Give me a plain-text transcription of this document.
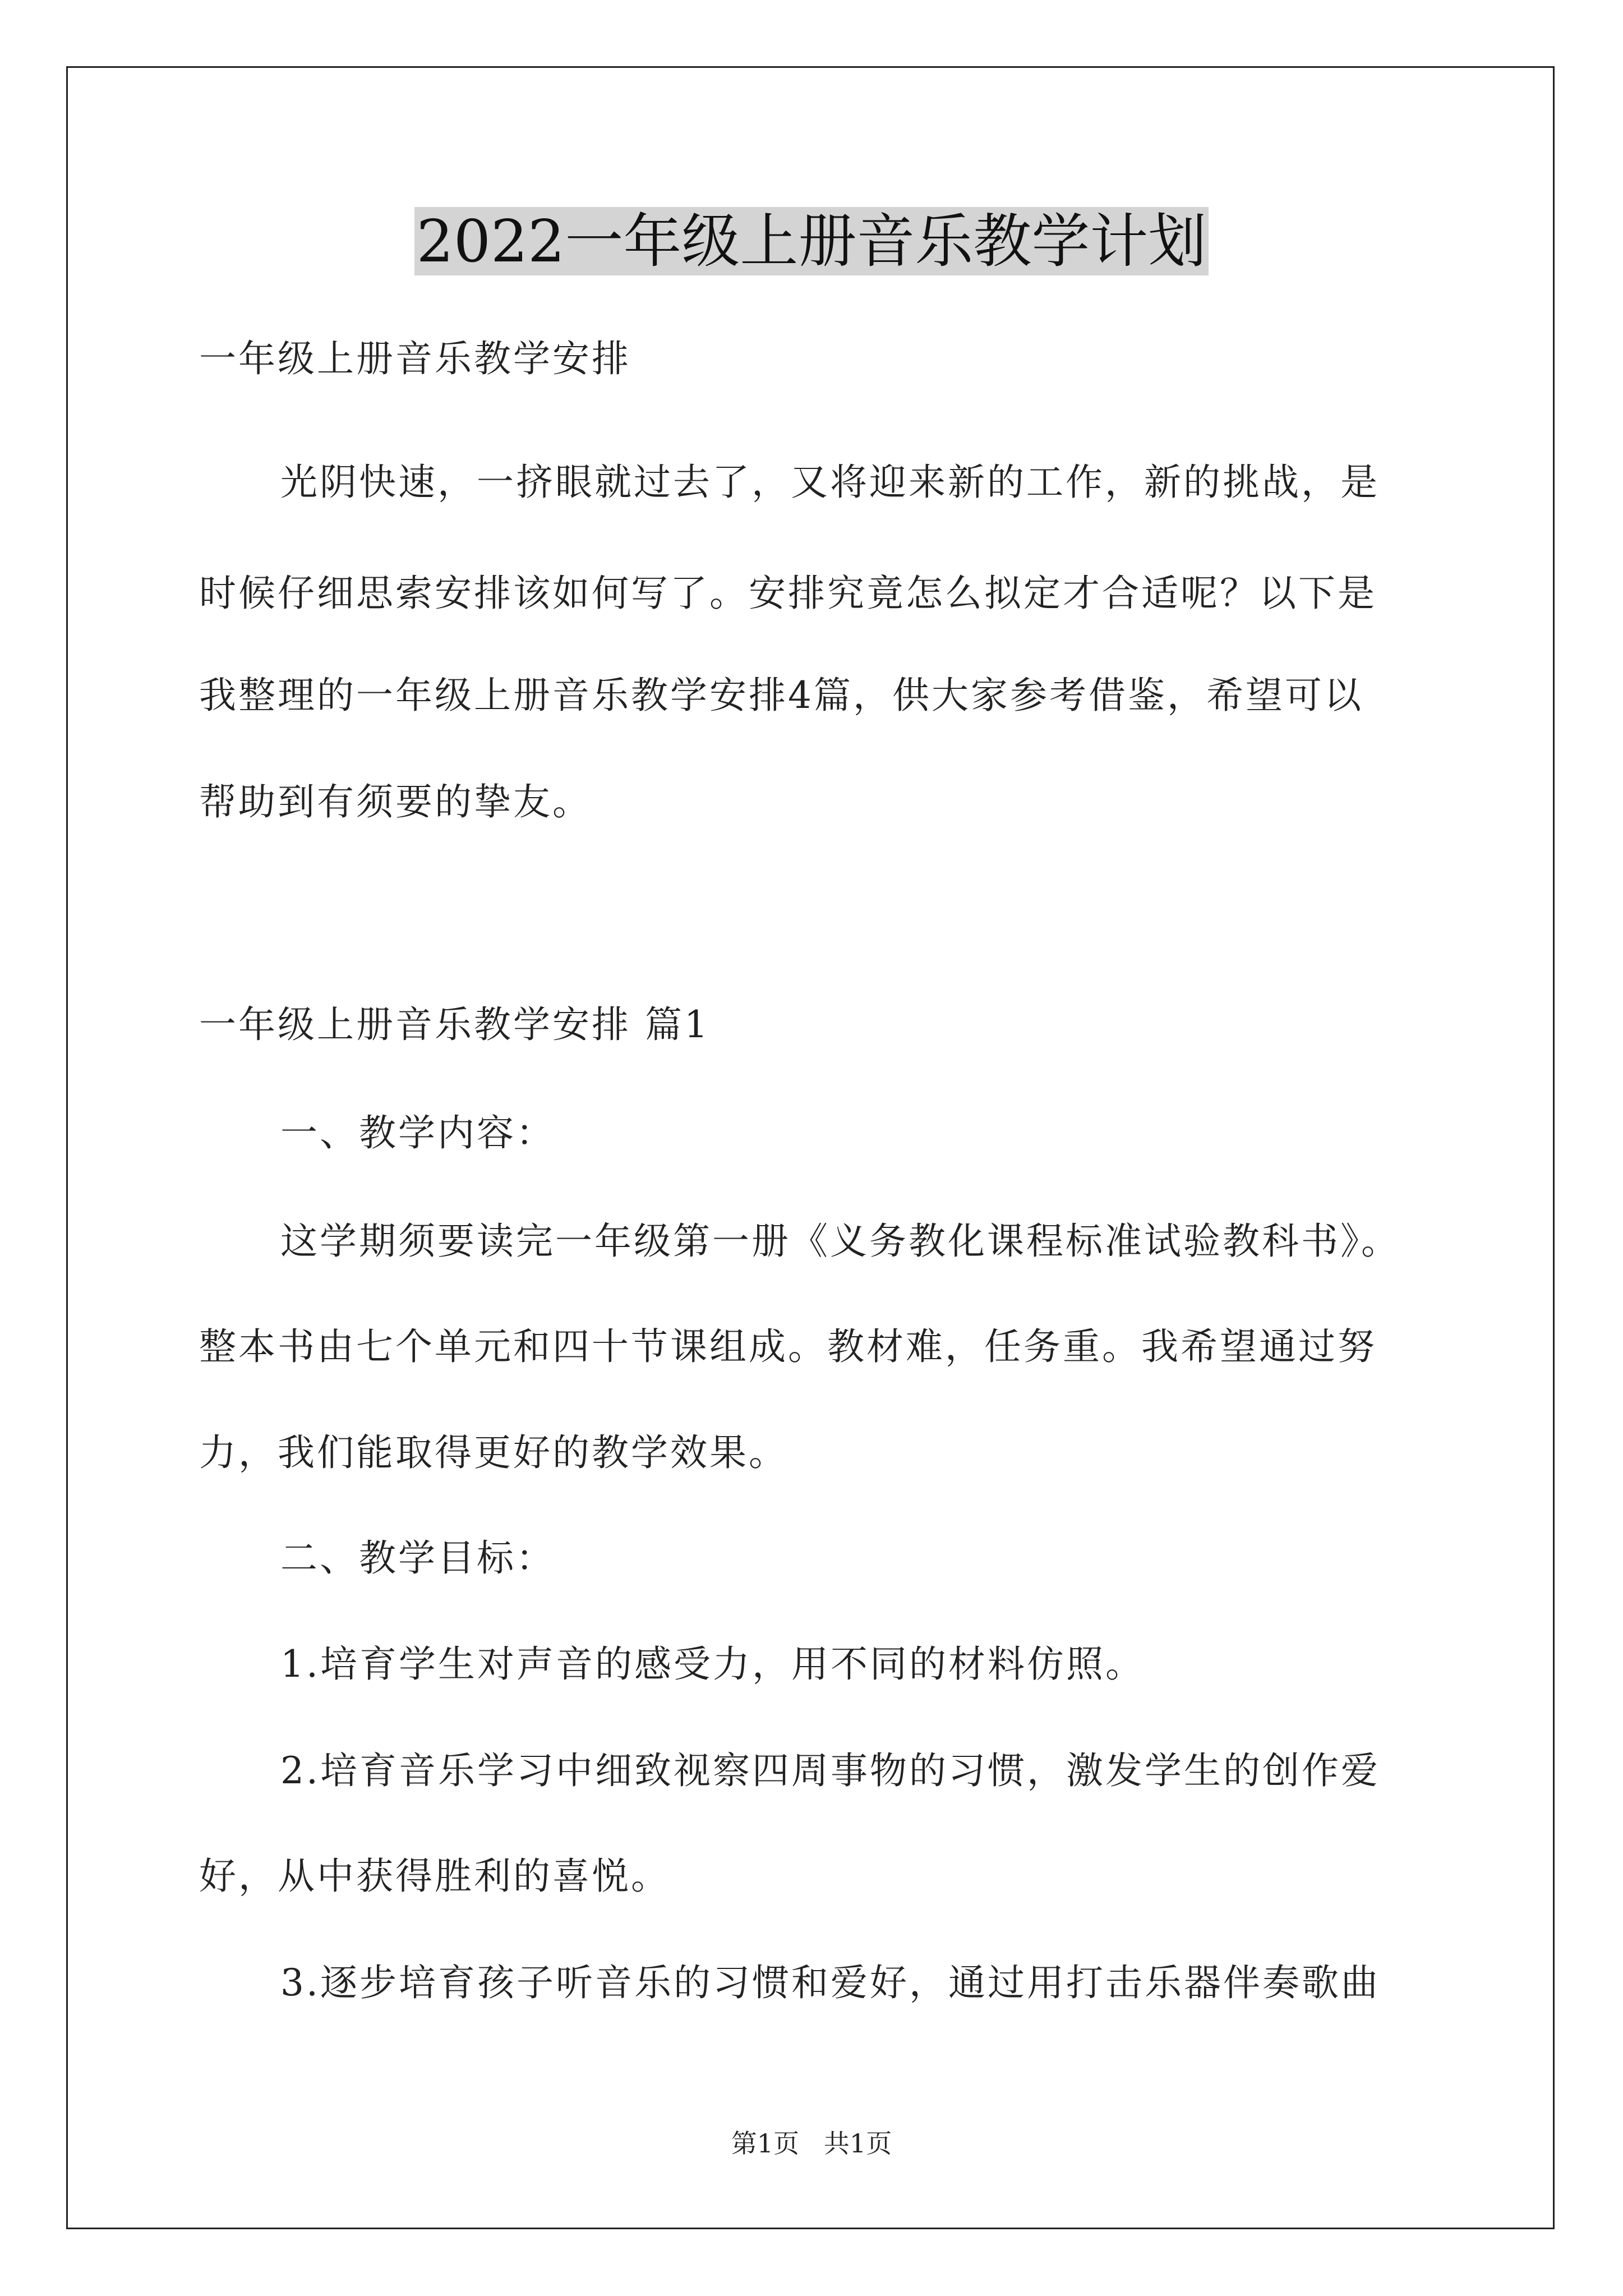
2022一年级上册音乐教学计划
一年级上册音乐教学安排
光阴快速，一挤眼就过去了，又将迎来新的工作，新的挑战，是
时候仔细思索安排该如何写了。安排究竟怎么拟定才合适呢？以下是
我整理的一年级上册音乐教学安排4篇，供大家参考借鉴，希望可以
帮助到有须要的挚友。
一年级上册音乐教学安排 篇1
一、教学内容：
这学期须要读完一年级第一册《义务教化课程标准试验教科书》。
整本书由七个单元和四十节课组成。教材难，任务重。我希望通过努
力，我们能取得更好的教学效果。
二、教学目标：
1.培育学生对声音的感受力，用不同的材料仿照。
2.培育音乐学习中细致视察四周事物的习惯，激发学生的创作爱
好，从中获得胜利的喜悦。
3.逐步培育孩子听音乐的习惯和爱好，通过用打击乐器伴奏歌曲
第1页   共1页
